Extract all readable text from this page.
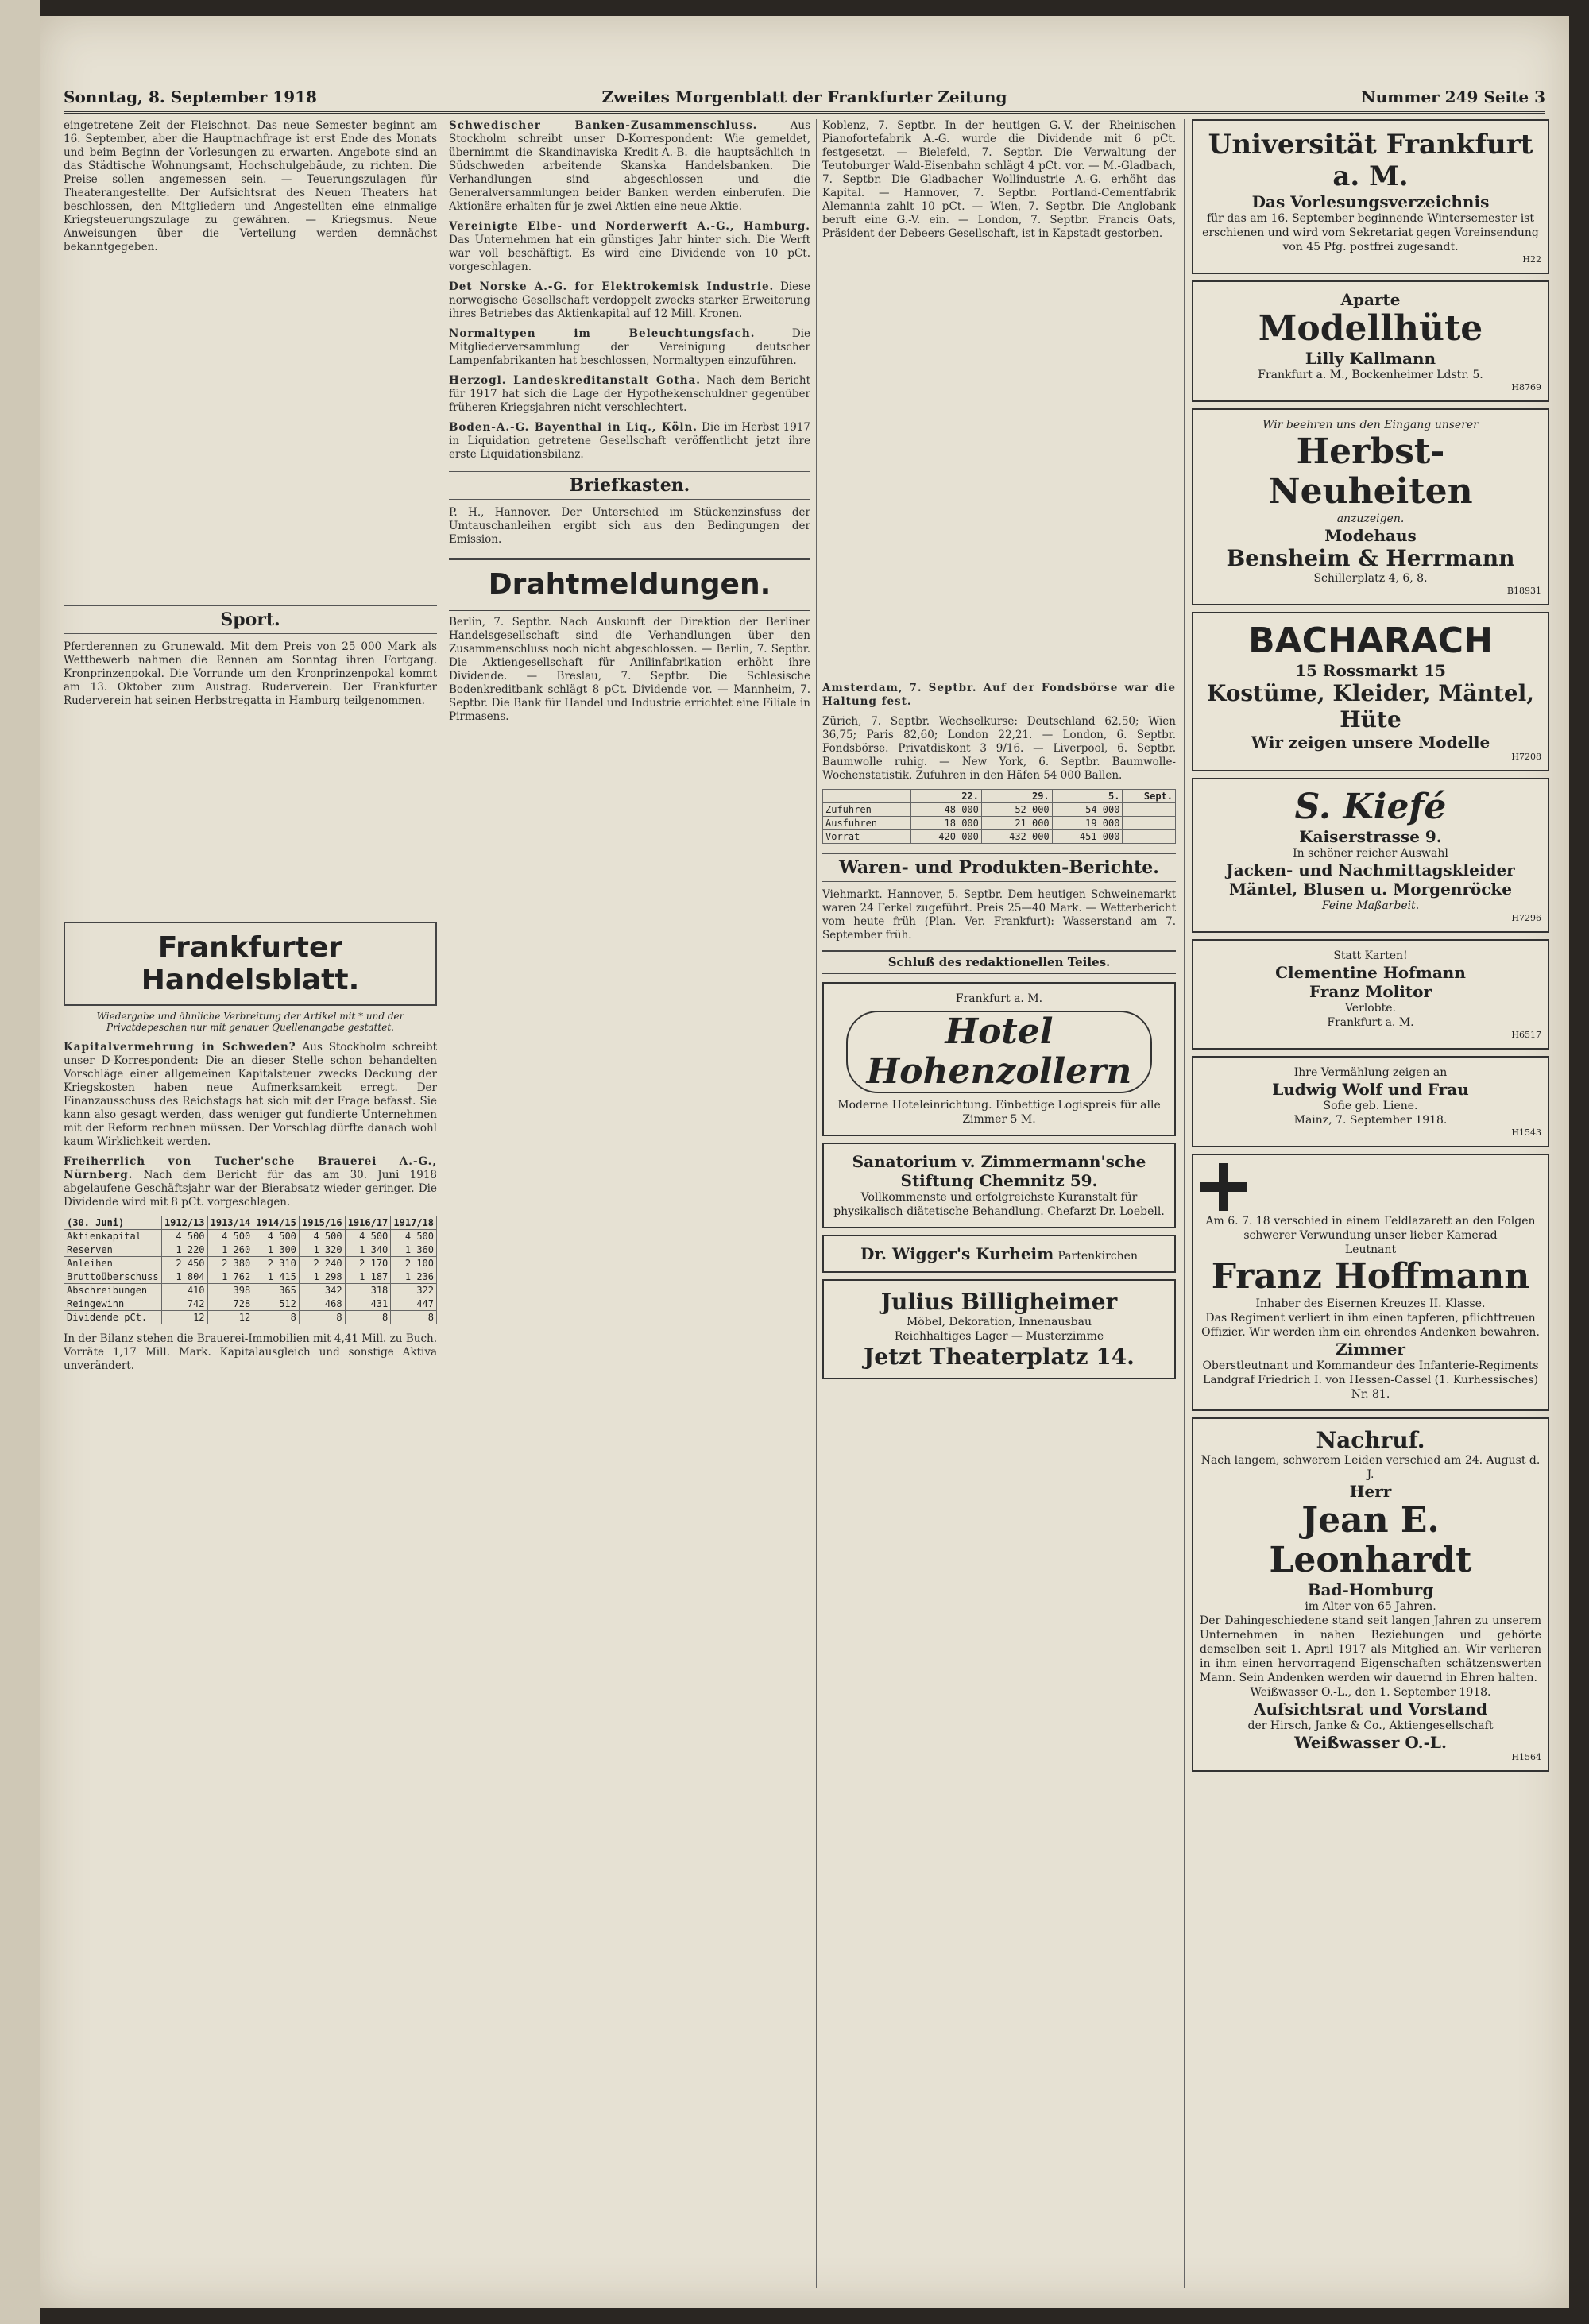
Sonntag, 8. September 1918	Zweites Morgenblatt der Frankfurter Zeitung	Nummer 249 Seite 3
eingetretene Zeit der Fleischnot. Das neue Semester beginnt am 16. September, aber die Hauptnachfrage ist erst Ende des Monats und beim Beginn der Vorlesungen zu erwarten. Angebote sind an das Städtische Wohnungsamt, Hochschulgebäude, zu richten. Die Preise sollen angemessen sein. — Teuerungszulagen für Theaterangestellte. Der Aufsichtsrat des Neuen Theaters hat beschlossen, den Mitgliedern und Angestellten eine einmalige Kriegsteuerungszulage zu gewähren. — Kriegsmus. Neue Anweisungen über die Verteilung werden demnächst bekanntgegeben.
Sport.
Pferderennen zu Grunewald. Mit dem Preis von 25 000 Mark als Wettbewerb nahmen die Rennen am Sonntag ihren Fortgang. Kronprinzenpokal. Die Vorrunde um den Kronprinzenpokal kommt am 13. Oktober zum Austrag. Ruderverein. Der Frankfurter Ruderverein hat seinen Herbstregatta in Hamburg teilgenommen.
Frankfurter Handelsblatt.
Wiedergabe und ähnliche Verbreitung der Artikel mit * und der Privatdepeschen nur mit genauer Quellenangabe gestattet.
Kapitalvermehrung in Schweden? Aus Stockholm schreibt unser D-Korrespondent: Die an dieser Stelle schon behandelten Vorschläge einer allgemeinen Kapitalsteuer zwecks Deckung der Kriegskosten haben neue Aufmerksamkeit erregt. Der Finanzausschuss des Reichstags hat sich mit der Frage befasst. Sie kann also gesagt werden, dass weniger gut fundierte Unternehmen mit der Reform rechnen müssen. Der Vorschlag dürfte danach wohl kaum Wirklichkeit werden.
Freiherrlich von Tucher'sche Brauerei A.-G., Nürnberg. Nach dem Bericht für das am 30. Juni 1918 abgelaufene Geschäftsjahr war der Bierabsatz wieder geringer. Die Dividende wird mit 8 pCt. vorgeschlagen.
(30. Juni)	1912/13	1913/14	1914/15	1915/16	1916/17	1917/18
Aktienkapital	4 500	4 500	4 500	4 500	4 500	4 500
Reserven	1 220	1 260	1 300	1 320	1 340	1 360
Anleihen	2 450	2 380	2 310	2 240	2 170	2 100
Bruttoüberschuss	1 804	1 762	1 415	1 298	1 187	1 236
Abschreibungen	410	398	365	342	318	322
Reingewinn	742	728	512	468	431	447
Dividende pCt.	12	12	8	8	8	8
In der Bilanz stehen die Brauerei-Immobilien mit 4,41 Mill. zu Buch. Vorräte 1,17 Mill. Mark. Kapitalausgleich und sonstige Aktiva unverändert.
Schwedischer Banken-Zusammenschluss.	Aus Stockholm schreibt unser D-Korrespondent: Wie gemeldet, übernimmt die Skandinaviska Kredit-A.-B. die hauptsächlich in Südschweden arbeitende Skanska Handelsbanken. Die Verhandlungen sind abgeschlossen und die Generalversammlungen beider Banken werden einberufen. Die Aktionäre erhalten für je zwei Aktien eine neue Aktie.
Vereinigte Elbe- und Norderwerft A.-G., Hamburg. Das Unternehmen hat ein günstiges Jahr hinter sich. Die Werft war voll beschäftigt. Es wird eine Dividende von 10 pCt. vorgeschlagen.
Det Norske A.-G. for Elektrokemisk Industrie. Diese norwegische Gesellschaft verdoppelt zwecks starker Erweiterung ihres Betriebes das Aktienkapital auf 12 Mill. Kronen.
Normaltypen im Beleuchtungsfach.	Die Mitgliederversammlung der Vereinigung deutscher Lampenfabrikanten hat beschlossen, Normaltypen einzuführen.
Herzogl. Landeskreditanstalt Gotha. Nach dem Bericht für 1917 hat sich die Lage der Hypothekenschuldner gegenüber früheren Kriegsjahren nicht verschlechtert.
Boden-A.-G. Bayenthal in Liq., Köln. Die im Herbst 1917 in Liquidation getretene Gesellschaft veröffentlicht jetzt ihre erste Liquidationsbilanz.
Briefkasten.
P. H., Hannover. Der Unterschied im Stückenzinsfuss der Umtauschanleihen ergibt sich aus den Bedingungen der Emission.
Drahtmeldungen.
Berlin, 7. Septbr. Nach Auskunft der Direktion der Berliner Handelsgesellschaft sind die Verhandlungen über den Zusammenschluss noch nicht abgeschlossen. — Berlin, 7. Septbr. Die Aktiengesellschaft für Anilinfabrikation erhöht ihre Dividende. — Breslau, 7. Septbr. Die Schlesische Bodenkreditbank schlägt 8 pCt. Dividende vor. — Mannheim, 7. Septbr. Die Bank für Handel und Industrie errichtet eine Filiale in Pirmasens.
Koblenz, 7. Septbr. In der heutigen G.-V. der Rheinischen Pianofortefabrik A.-G. wurde die Dividende mit 6 pCt. festgesetzt. — Bielefeld, 7. Septbr. Die Verwaltung der Teutoburger Wald-Eisenbahn schlägt 4 pCt. vor. — M.-Gladbach, 7. Septbr. Die Gladbacher Wollindustrie A.-G. erhöht das Kapital. — Hannover, 7. Septbr. Portland-Cementfabrik Alemannia zahlt 10 pCt. — Wien, 7. Septbr. Die Anglobank beruft eine G.-V. ein. — London, 7. Septbr. Francis Oats, Präsident der Debeers-Gesellschaft, ist in Kapstadt gestorben.
Amsterdam, 7. Septbr. Auf der Fondsbörse war die Haltung fest.
Zürich, 7. Septbr. Wechselkurse: Deutschland 62,50; Wien 36,75; Paris 82,60; London 22,21. — London, 6. Septbr. Fondsbörse. Privatdiskont 3 9/16. — Liverpool, 6. Septbr. Baumwolle ruhig. — New York, 6. Septbr. Baumwolle-Wochenstatistik. Zufuhren in den Häfen 54 000 Ballen.
	22.	29.	5.	Sept.
Zufuhren	48 000	52 000	54 000	
Ausfuhren	18 000	21 000	19 000	
Vorrat	420 000	432 000	451 000	
Waren- und Produkten-Berichte.
Viehmarkt. Hannover, 5. Septbr. Dem heutigen Schweinemarkt waren 24 Ferkel zugeführt. Preis 25—40 Mark. — Wetterbericht vom heute früh (Plan. Ver. Frankfurt): Wasserstand am 7. September früh.
Schluß des redaktionellen Teiles.
Frankfurt a. M.
Hotel Hohenzollern
Moderne Hoteleinrichtung. Einbettige Logispreis für alle Zimmer 5 M.
Sanatorium v. Zimmermann'sche Stiftung Chemnitz 59.
Vollkommenste und erfolgreichste Kuranstalt für physikalisch-diätetische Behandlung. Chefarzt Dr. Loebell.
Dr. Wigger's Kurheim Partenkirchen
Julius Billigheimer
Möbel, Dekoration, Innenausbau
Reichhaltiges Lager — Musterzimme
Jetzt Theaterplatz 14.
Universität Frankfurt a. M.
Das Vorlesungsverzeichnis
für das am 16. September beginnende Wintersemester ist erschienen und wird vom Sekretariat gegen Voreinsendung von 45 Pfg. postfrei zugesandt.
H22
Aparte
Modellhüte
Lilly Kallmann
Frankfurt a. M., Bockenheimer Ldstr. 5.
H8769
Wir beehren uns den Eingang unserer
Herbst-Neuheiten
anzuzeigen.
Modehaus
Bensheim & Herrmann
Schillerplatz 4, 6, 8.
B18931
BACHARACH
15 Rossmarkt 15
Kostüme, Kleider, Mäntel, Hüte
Wir zeigen unsere Modelle
H7208
S. Kiefé
Kaiserstrasse 9.
In schöner reicher Auswahl
Jacken- und Nachmittagskleider Mäntel, Blusen u. Morgenröcke
Feine Maßarbeit.
H7296
Statt Karten!
Clementine Hofmann
Franz Molitor
Verlobte.
Frankfurt a. M.
H6517
Ihre Vermählung zeigen an
Ludwig Wolf und Frau
Sofie geb. Liene.
Mainz, 7. September 1918.
H1543
Am 6. 7. 18 verschied in einem Feldlazarett an den Folgen schwerer Verwundung unser lieber Kamerad
Leutnant
Franz Hoffmann
Inhaber des Eisernen Kreuzes II. Klasse.
Das Regiment verliert in ihm einen tapferen, pflichttreuen Offizier. Wir werden ihm ein ehrendes Andenken bewahren.
Zimmer
Oberstleutnant und Kommandeur des Infanterie-Regiments Landgraf Friedrich I. von Hessen-Cassel (1. Kurhessisches) Nr. 81.
Nachruf.
Nach langem, schwerem Leiden verschied am 24. August d. J.
Herr
Jean E. Leonhardt
Bad-Homburg
im Alter von 65 Jahren.
Der Dahingeschiedene stand seit langen Jahren zu unserem Unternehmen in nahen Beziehungen und gehörte demselben seit 1. April 1917 als Mitglied an. Wir verlieren in ihm einen hervorragend Eigenschaften schätzenswerten Mann. Sein Andenken werden wir dauernd in Ehren halten.
Weißwasser O.-L., den 1. September 1918.
Aufsichtsrat und Vorstand
der Hirsch, Janke & Co., Aktiengesellschaft
Weißwasser O.-L.
H1564
